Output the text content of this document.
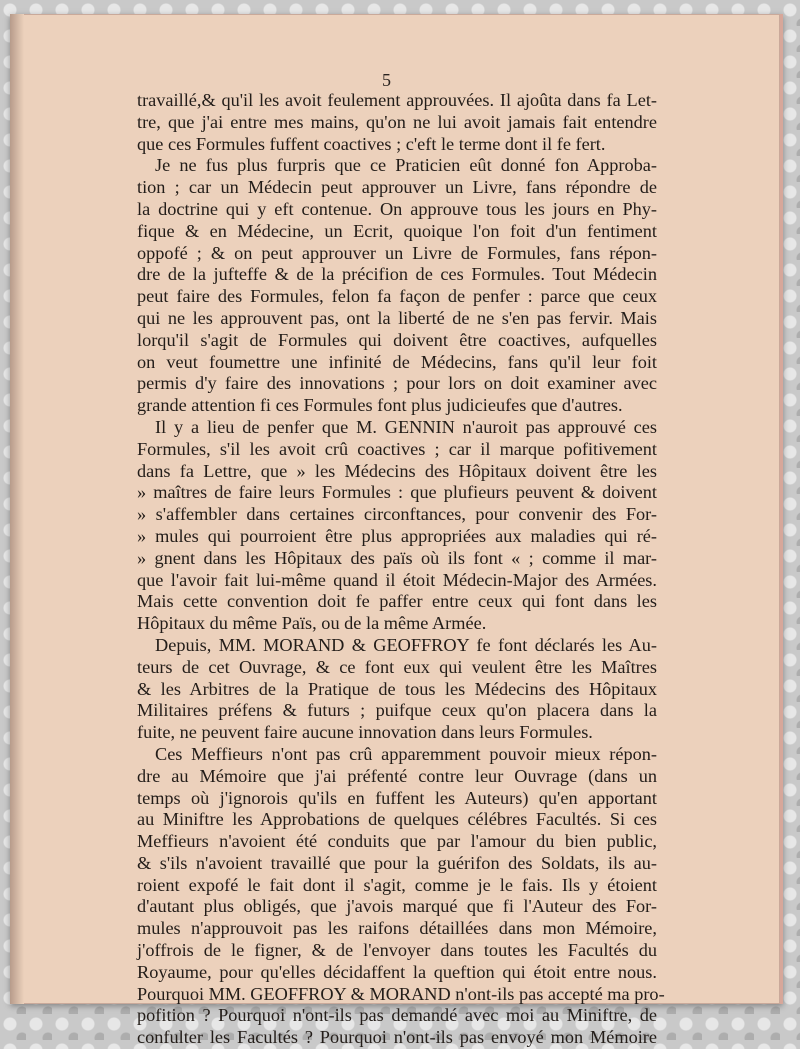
5
travaillé,& qu'il les avoit feulement approuvées. Il ajoûta dans fa Let-
tre, que j'ai entre mes mains, qu'on ne lui avoit jamais fait entendre
que ces Formules fuffent coactives ; c'eft le terme dont il fe fert.
Je ne fus plus furpris que ce Praticien eût donné fon Approba-
tion ; car un Médecin peut approuver un Livre, fans répondre de
la doctrine qui y eft contenue. On approuve tous les jours en Phy-
fique & en Médecine, un Ecrit, quoique l'on foit d'un fentiment
oppofé ; & on peut approuver un Livre de Formules, fans répon-
dre de la jufteffe & de la précifion de ces Formules. Tout Médecin
peut faire des Formules, felon fa façon de penfer : parce que ceux
qui ne les approuvent pas, ont la liberté de ne s'en pas fervir. Mais
lorqu'il s'agit de Formules qui doivent être coactives, aufquelles
on veut foumettre une infinité de Médecins, fans qu'il leur foit
permis d'y faire des innovations ; pour lors on doit examiner avec
grande attention fi ces Formules font plus judicieufes que d'autres.
Il y a lieu de penfer que M. GENNIN n'auroit pas approuvé ces
Formules, s'il les avoit crû coactives ; car il marque pofitivement
dans fa Lettre, que » les Médecins des Hôpitaux doivent être les
» maîtres de faire leurs Formules : que plufieurs peuvent & doivent
» s'affembler dans certaines circonftances, pour convenir des For-
» mules qui pourroient être plus appropriées aux maladies qui ré-
» gnent dans les Hôpitaux des païs où ils font « ; comme il mar-
que l'avoir fait lui-même quand il étoit Médecin-Major des Armées.
Mais cette convention doit fe paffer entre ceux qui font dans les
Hôpitaux du même Païs, ou de la même Armée.
Depuis, MM. MORAND & GEOFFROY fe font déclarés les Au-
teurs de cet Ouvrage, & ce font eux qui veulent être les Maîtres
& les Arbitres de la Pratique de tous les Médecins des Hôpitaux
Militaires préfens & futurs ; puifque ceux qu'on placera dans la
fuite, ne peuvent faire aucune innovation dans leurs Formules.
Ces Meffieurs n'ont pas crû apparemment pouvoir mieux répon-
dre au Mémoire que j'ai préfenté contre leur Ouvrage (dans un
temps où j'ignorois qu'ils en fuffent les Auteurs) qu'en apportant
au Miniftre les Approbations de quelques célébres Facultés. Si ces
Meffieurs n'avoient été conduits que par l'amour du bien public,
& s'ils n'avoient travaillé que pour la guérifon des Soldats, ils au-
roient expofé le fait dont il s'agit, comme je le fais. Ils y étoient
d'autant plus obligés, que j'avois marqué que fi l'Auteur des For-
mules n'approuvoit pas les raifons détaillées dans mon Mémoire,
j'offrois de le figner, & de l'envoyer dans toutes les Facultés du
Royaume, pour qu'elles décidaffent la queftion qui étoit entre nous.
Pourquoi MM. GEOFFROY & MORAND n'ont-ils pas accepté ma pro-
pofition ? Pourquoi n'ont-ils pas demandé avec moi au Miniftre, de
confulter les Facultés ? Pourquoi n'ont-ils pas envoyé mon Mémoire
